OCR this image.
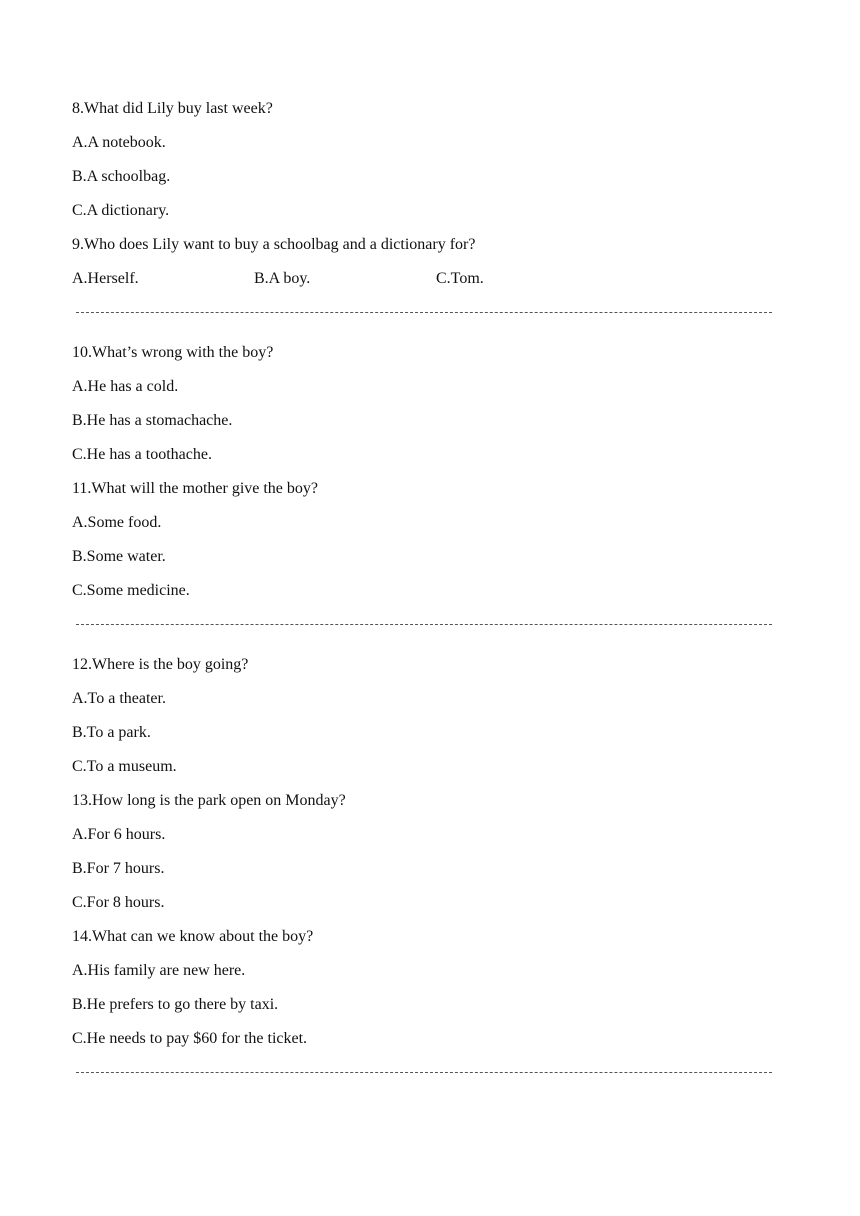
8.What did Lily buy last week?
A.A notebook.
B.A schoolbag.
C.A dictionary.
9.Who does Lily want to buy a schoolbag and a dictionary for?
A.Herself.	B.A boy.	C.Tom.
10.What’s wrong with the boy?
A.He has a cold.
B.He has a stomachache.
C.He has a toothache.
11.What will the mother give the boy?
A.Some food.
B.Some water.
C.Some medicine.
12.Where is the boy going?
A.To a theater.
B.To a park.
C.To a museum.
13.How long is the park open on Monday?
A.For 6 hours.
B.For 7 hours.
C.For 8 hours.
14.What can we know about the boy?
A.His family are new here.
B.He prefers to go there by taxi.
C.He needs to pay $60 for the ticket.
